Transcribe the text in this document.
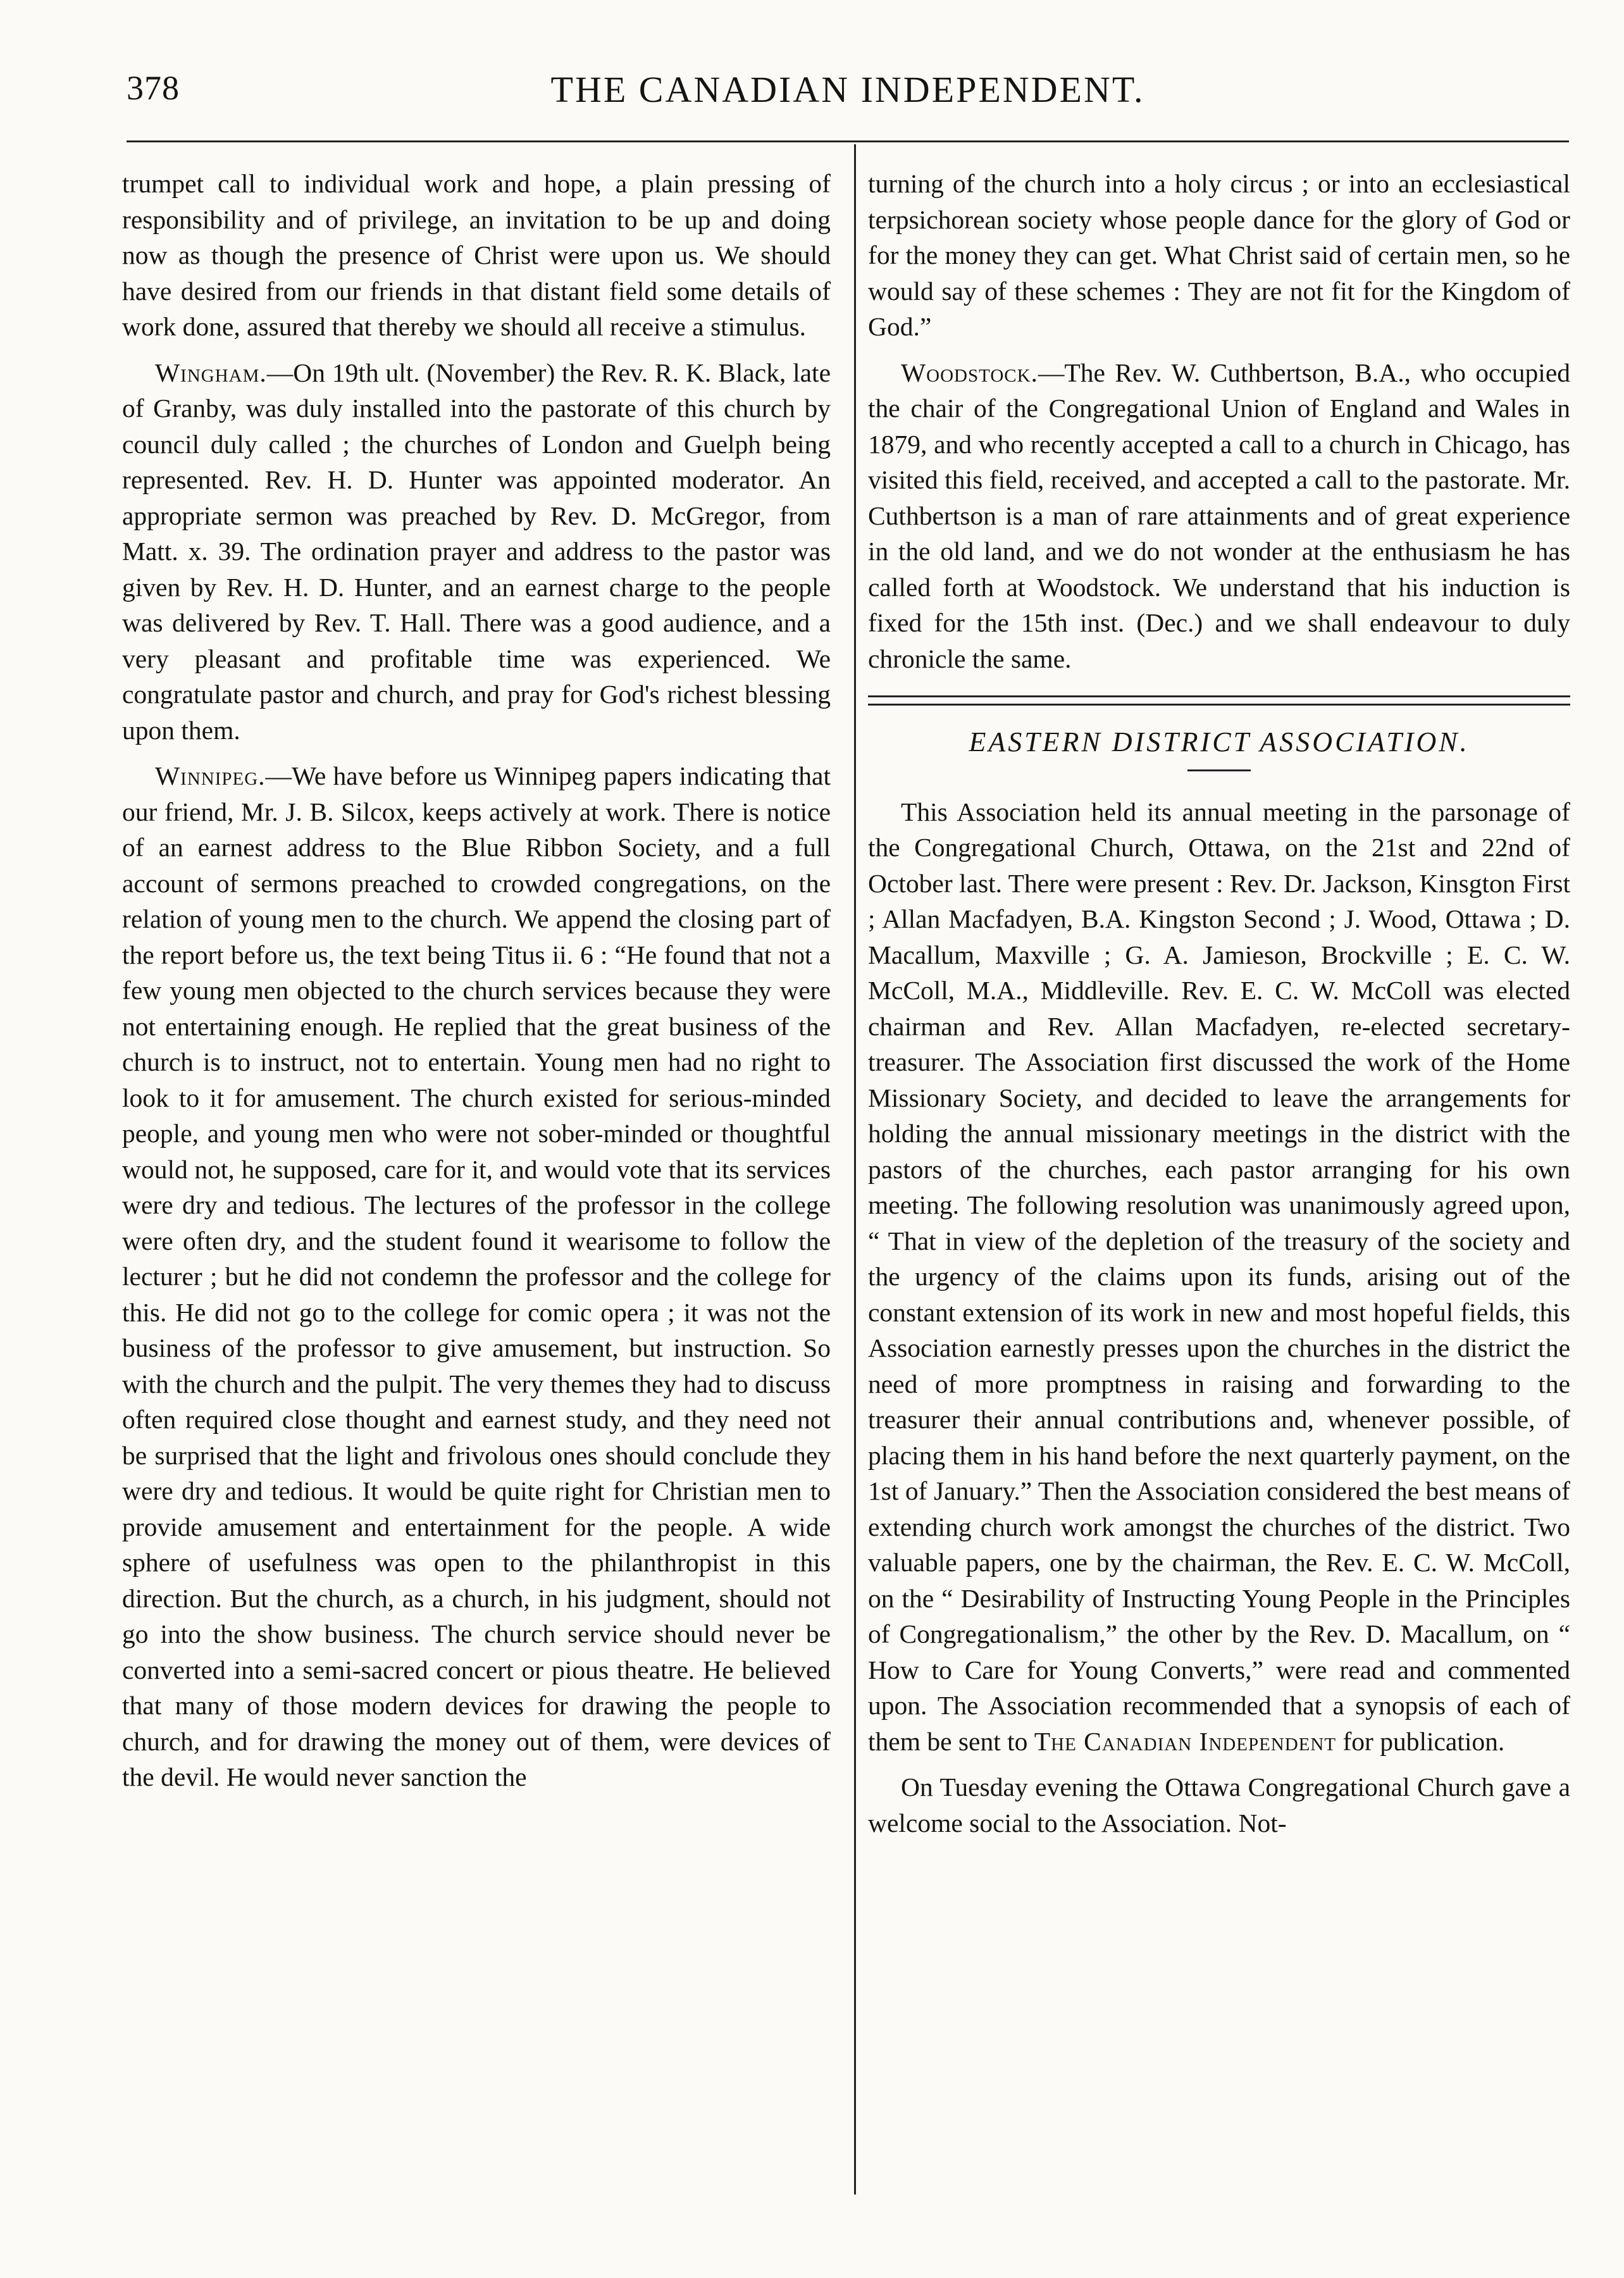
378	THE CANADIAN INDEPENDENT.

trumpet call to individual work and hope, a plain pressing of responsibility and of privilege, an invitation to be up and doing now as though the presence of Christ were upon us. We should have desired from our friends in that distant field some details of work done, assured that thereby we should all receive a stimulus.

Wingham.—On 19th ult. (November) the Rev. R. K. Black, late of Granby, was duly installed into the pastorate of this church by council duly called ; the churches of London and Guelph being represented. Rev. H. D. Hunter was appointed moderator. An appropriate sermon was preached by Rev. D. McGregor, from Matt. x. 39. The ordination prayer and address to the pastor was given by Rev. H. D. Hunter, and an earnest charge to the people was delivered by Rev. T. Hall. There was a good audience, and a very pleasant and profitable time was experienced. We congratulate pastor and church, and pray for God's richest blessing upon them.

Winnipeg.—We have before us Winnipeg papers indicating that our friend, Mr. J. B. Silcox, keeps actively at work. There is notice of an earnest address to the Blue Ribbon Society, and a full account of sermons preached to crowded congregations, on the relation of young men to the church. We append the closing part of the report before us, the text being Titus ii. 6 : “He found that not a few young men objected to the church services because they were not entertaining enough. He replied that the great business of the church is to instruct, not to entertain. Young men had no right to look to it for amusement. The church existed for serious-minded people, and young men who were not sober-minded or thoughtful would not, he supposed, care for it, and would vote that its services were dry and tedious. The lectures of the professor in the college were often dry, and the student found it wearisome to follow the lecturer ; but he did not condemn the professor and the college for this. He did not go to the college for comic opera ; it was not the business of the professor to give amusement, but instruction. So with the church and the pulpit. The very themes they had to discuss often required close thought and earnest study, and they need not be surprised that the light and frivolous ones should conclude they were dry and tedious. It would be quite right for Christian men to provide amusement and entertainment for the people. A wide sphere of usefulness was open to the philanthropist in this direction. But the church, as a church, in his judgment, should not go into the show business. The church service should never be converted into a semi-sacred concert or pious theatre. He believed that many of those modern devices for drawing the people to church, and for drawing the money out of them, were devices of the devil. He would never sanction the

turning of the church into a holy circus ; or into an ecclesiastical terpsichorean society whose people dance for the glory of God or for the money they can get. What Christ said of certain men, so he would say of these schemes : They are not fit for the Kingdom of God.”

Woodstock.—The Rev. W. Cuthbertson, B.A., who occupied the chair of the Congregational Union of England and Wales in 1879, and who recently accepted a call to a church in Chicago, has visited this field, received, and accepted a call to the pastorate. Mr. Cuthbertson is a man of rare attainments and of great experience in the old land, and we do not wonder at the enthusiasm he has called forth at Woodstock. We understand that his induction is fixed for the 15th inst. (Dec.) and we shall endeavour to duly chronicle the same.

EASTERN DISTRICT ASSOCIATION.

This Association held its annual meeting in the parsonage of the Congregational Church, Ottawa, on the 21st and 22nd of October last. There were present : Rev. Dr. Jackson, Kinsgton First ; Allan Macfadyen, B.A. Kingston Second ; J. Wood, Ottawa ; D. Macallum, Maxville ; G. A. Jamieson, Brockville ; E. C. W. McColl, M.A., Middleville. Rev. E. C. W. McColl was elected chairman and Rev. Allan Macfadyen, re-elected secretary-treasurer. The Association first discussed the work of the Home Missionary Society, and decided to leave the arrangements for holding the annual missionary meetings in the district with the pastors of the churches, each pastor arranging for his own meeting. The following resolution was unanimously agreed upon, “ That in view of the depletion of the treasury of the society and the urgency of the claims upon its funds, arising out of the constant extension of its work in new and most hopeful fields, this Association earnestly presses upon the churches in the district the need of more promptness in raising and forwarding to the treasurer their annual contributions and, whenever possible, of placing them in his hand before the next quarterly payment, on the 1st of January.” Then the Association considered the best means of extending church work amongst the churches of the district. Two valuable papers, one by the chairman, the Rev. E. C. W. McColl, on the “ Desirability of Instructing Young People in the Principles of Congregationalism,” the other by the Rev. D. Macallum, on “ How to Care for Young Converts,” were read and commented upon. The Association recommended that a synopsis of each of them be sent to The Canadian Independent for publication.

On Tuesday evening the Ottawa Congregational Church gave a welcome social to the Association. Not-
